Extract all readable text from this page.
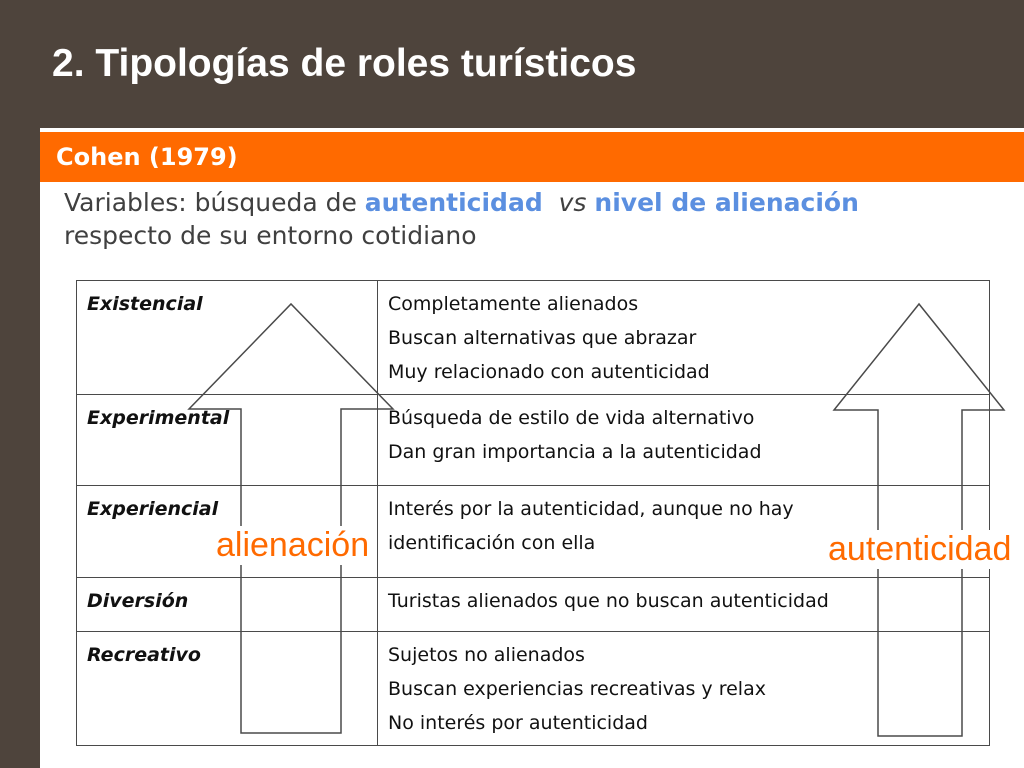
2. Tipologías de roles turísticos
Cohen (1979)
Variables: búsqueda de autenticidad vs nivel de alienación
respecto de su entorno cotidiano
Existencial	Completamente alienados
Buscan alternativas que abrazar
Muy relacionado con autenticidad

Experimental	Búsqueda de estilo de vida alternativo
Dan gran importancia a la autenticidad

Experiencial	Interés por la autenticidad, aunque no hay
identificación con ella

Diversión	Turistas alienados que no buscan autenticidad

Recreativo	Sujetos no alienados
Buscan experiencias recreativas y relax
No interés por autenticidad
alienación	autenticidad
